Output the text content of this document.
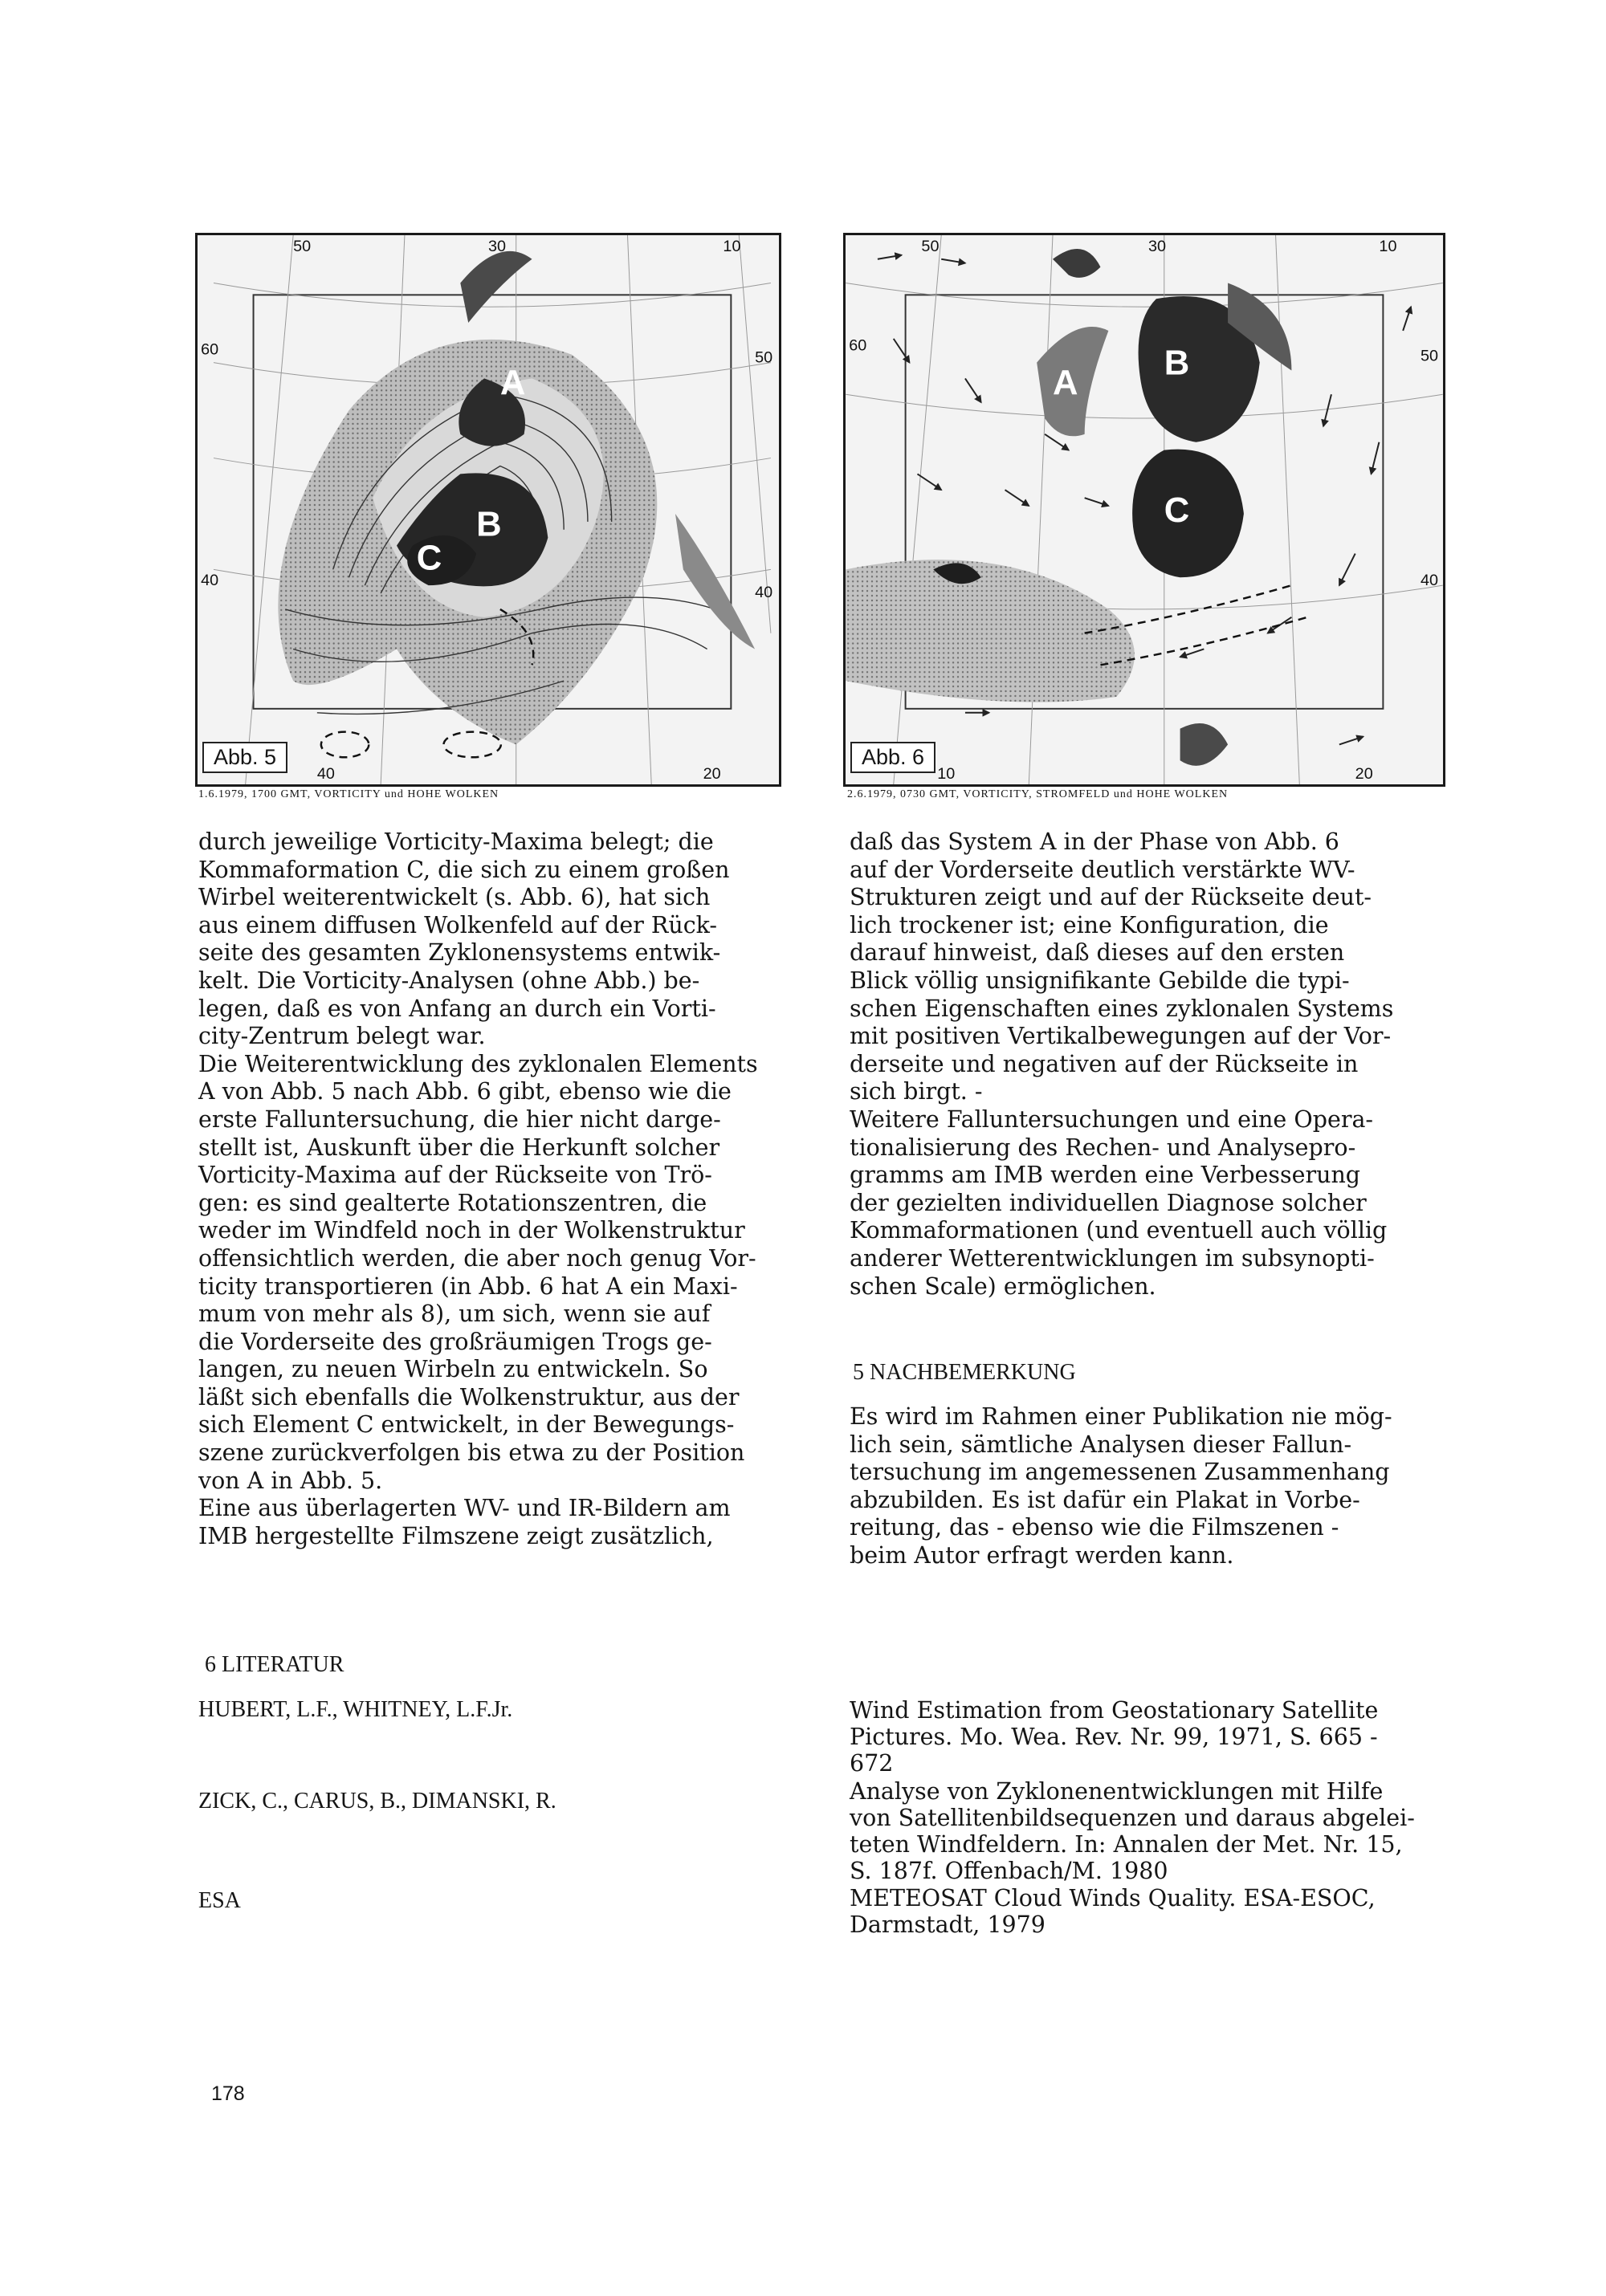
A
B
C
50	30	10
40	20
60	50
40
40
Abb. 5
1.6.1979, 1700 GMT, VORTICITY und HOHE WOLKEN
A
B
C
50	30	10
10	20
60
50
40
Abb. 6
2.6.1979, 0730 GMT, VORTICITY, STROMFELD und HOHE WOLKEN

durch jeweilige Vorticity-Maxima belegt; die

Kommaformation C, die sich zu einem großen

Wirbel weiterentwickelt (s. Abb. 6), hat sich

aus einem diffusen Wolkenfeld auf der Rück-

seite des gesamten Zyklonensystems entwik-

kelt. Die Vorticity-Analysen (ohne Abb.) be-

legen, daß es von Anfang an durch ein Vorti-

city-Zentrum belegt war.

Die Weiterentwicklung des zyklonalen Elements

A von Abb. 5 nach Abb. 6 gibt, ebenso wie die

erste Falluntersuchung, die hier nicht darge-

stellt ist, Auskunft über die Herkunft solcher

Vorticity-Maxima auf der Rückseite von Trö-

gen: es sind gealterte Rotationszentren, die

weder im Windfeld noch in der Wolkenstruktur

offensichtlich werden, die aber noch genug Vor-

ticity transportieren (in Abb. 6 hat A ein Maxi-

mum von mehr als 8), um sich, wenn sie auf

die Vorderseite des großräumigen Trogs ge-

langen, zu neuen Wirbeln zu entwickeln. So

läßt sich ebenfalls die Wolkenstruktur, aus der

sich Element C entwickelt, in der Bewegungs-

szene zurückverfolgen bis etwa zu der Position

von A in Abb. 5.

Eine aus überlagerten WV- und IR-Bildern am

IMB hergestellte Filmszene zeigt zusätzlich,

daß das System A in der Phase von Abb. 6

auf der Vorderseite deutlich verstärkte WV-

Strukturen zeigt und auf der Rückseite deut-

lich trockener ist; eine Konfiguration, die

darauf hinweist, daß dieses auf den ersten

Blick völlig unsignifikante Gebilde die typi-

schen Eigenschaften eines zyklonalen Systems

mit positiven Vertikalbewegungen auf der Vor-

derseite und negativen auf der Rückseite in

sich birgt. -

Weitere Falluntersuchungen und eine Opera-

tionalisierung des Rechen- und Analysepro-

gramms am IMB werden eine Verbesserung

der gezielten individuellen Diagnose solcher

Kommaformationen (und eventuell auch völlig

anderer Wetterentwicklungen im subsynopti-

schen Scale) ermöglichen.

5 NACHBEMERKUNG

Es wird im Rahmen einer Publikation nie mög-

lich sein, sämtliche Analysen dieser Fallun-

tersuchung im angemessenen Zusammenhang

abzubilden. Es ist dafür ein Plakat in Vorbe-

reitung, das - ebenso wie die Filmszenen -

beim Autor erfragt werden kann.

6 LITERATUR
HUBERT, L.F., WHITNEY, L.F.Jr.	Wind Estimation from Geostationary Satellite
Pictures. Mo. Wea. Rev. Nr. 99, 1971, S. 665 -
672
ZICK, C., CARUS, B., DIMANSKI, R.	Analyse von Zyklonenentwicklungen mit Hilfe
von Satellitenbildsequenzen und daraus abgelei-
teten Windfeldern. In: Annalen der Met. Nr. 15,
S. 187f. Offenbach/M. 1980
ESA	METEOSAT Cloud Winds Quality. ESA-ESOC,
Darmstadt, 1979
178
